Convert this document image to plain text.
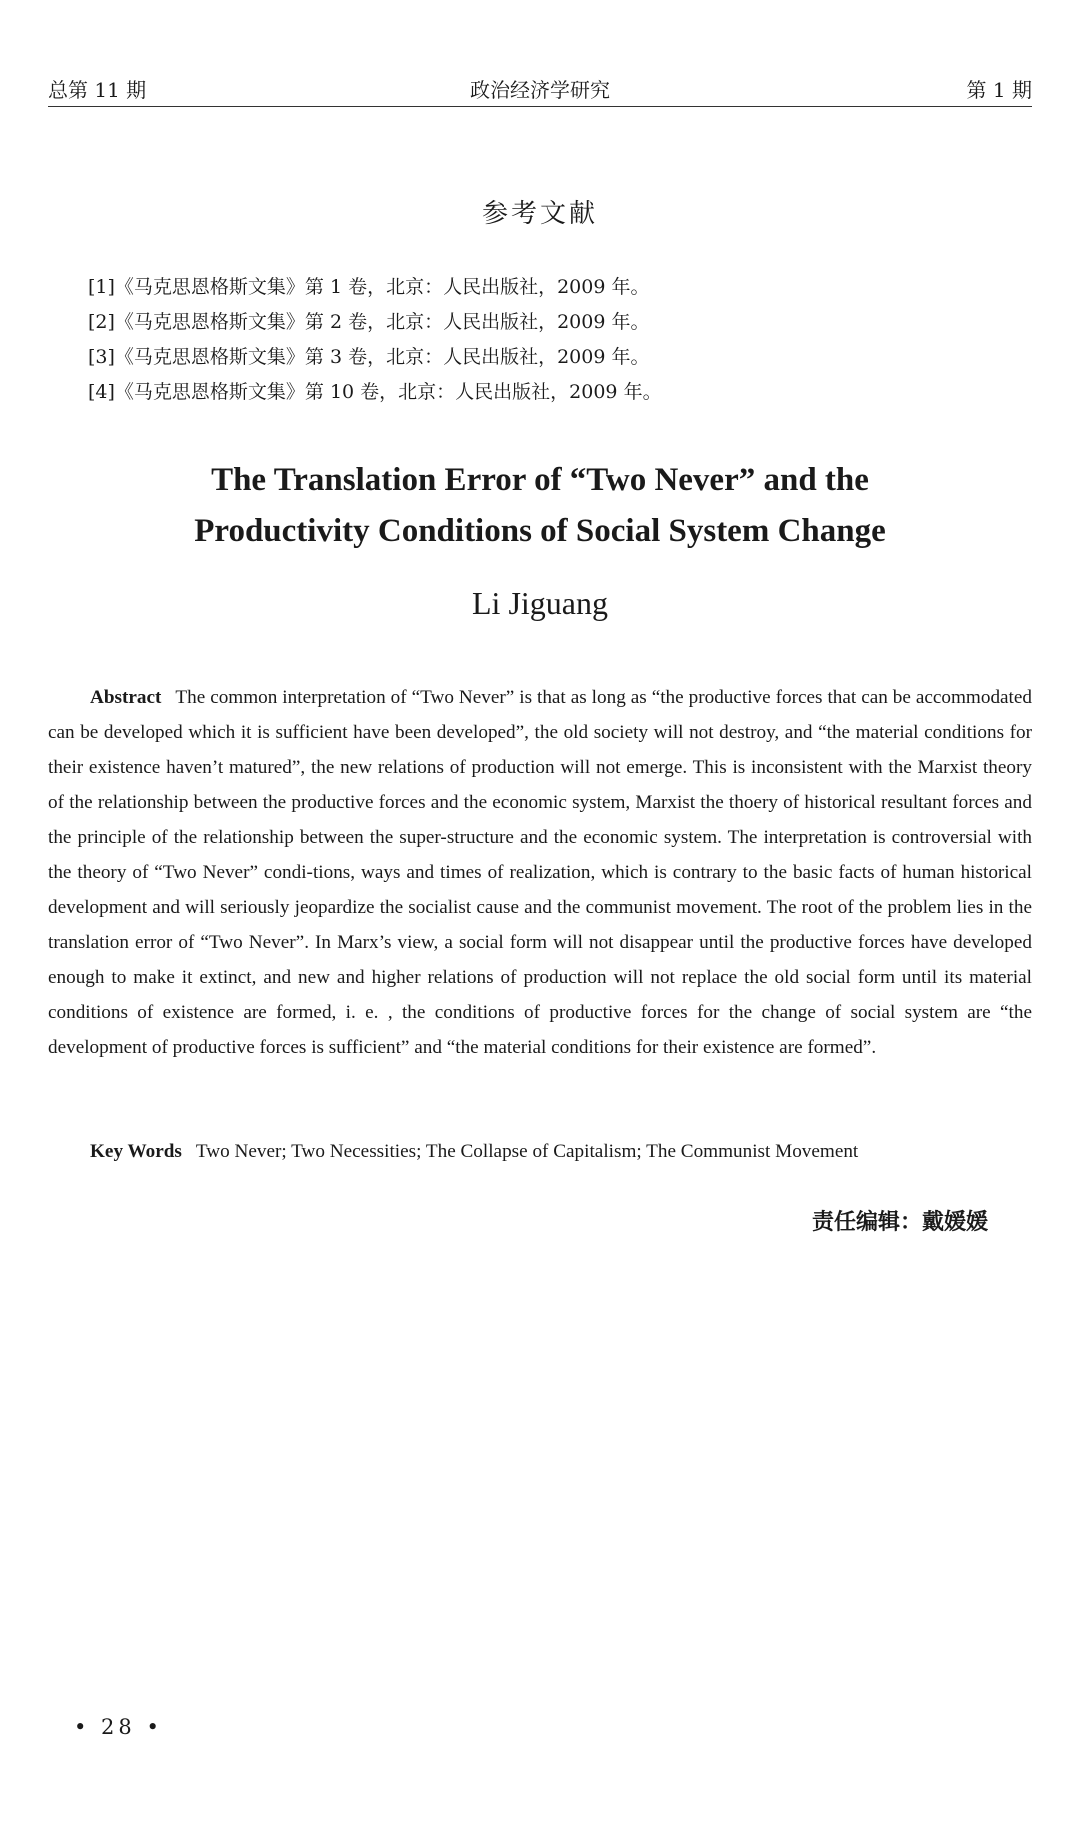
总第 11 期	政治经济学研究	第 1 期
参考文献
[1]《马克思恩格斯文集》第 1 卷，北京：人民出版社，2009 年。
[2]《马克思恩格斯文集》第 2 卷，北京：人民出版社，2009 年。
[3]《马克思恩格斯文集》第 3 卷，北京：人民出版社，2009 年。
[4]《马克思恩格斯文集》第 10 卷，北京：人民出版社，2009 年。
The Translation Error of “Two Never” and the
Productivity Conditions of Social System Change
Li Jiguang

Abstract The common interpretation of “Two Never” is that as long as “the productive forces that can be accommodated can be developed which it is sufficient have been developed”, the old society will not destroy, and “the material conditions for their existence haven’t matured”, the new relations of production will not emerge. This is inconsistent with the Marxist theory of the relationship between the productive forces and the economic system, Marxist the thoery of historical resultant forces and the principle of the relationship between the super-structure and the economic system. The interpretation is controversial with the theory of “Two Never” condi-tions, ways and times of realization, which is contrary to the basic facts of human historical development and will seriously jeopardize the socialist cause and the communist movement. The root of the problem lies in the translation error of “Two Never”. In Marx’s view, a social form will not disappear until the productive forces have developed enough to make it extinct, and new and higher relations of production will not replace the old social form until its material conditions of existence are formed, i. e. , the conditions of productive forces for the change of social system are “the development of productive forces is sufficient” and “the material conditions for their existence are formed”.

Key Words Two Never; Two Necessities; The Collapse of Capitalism; The Communist Movement

责任编辑：戴媛媛
• 28 •
